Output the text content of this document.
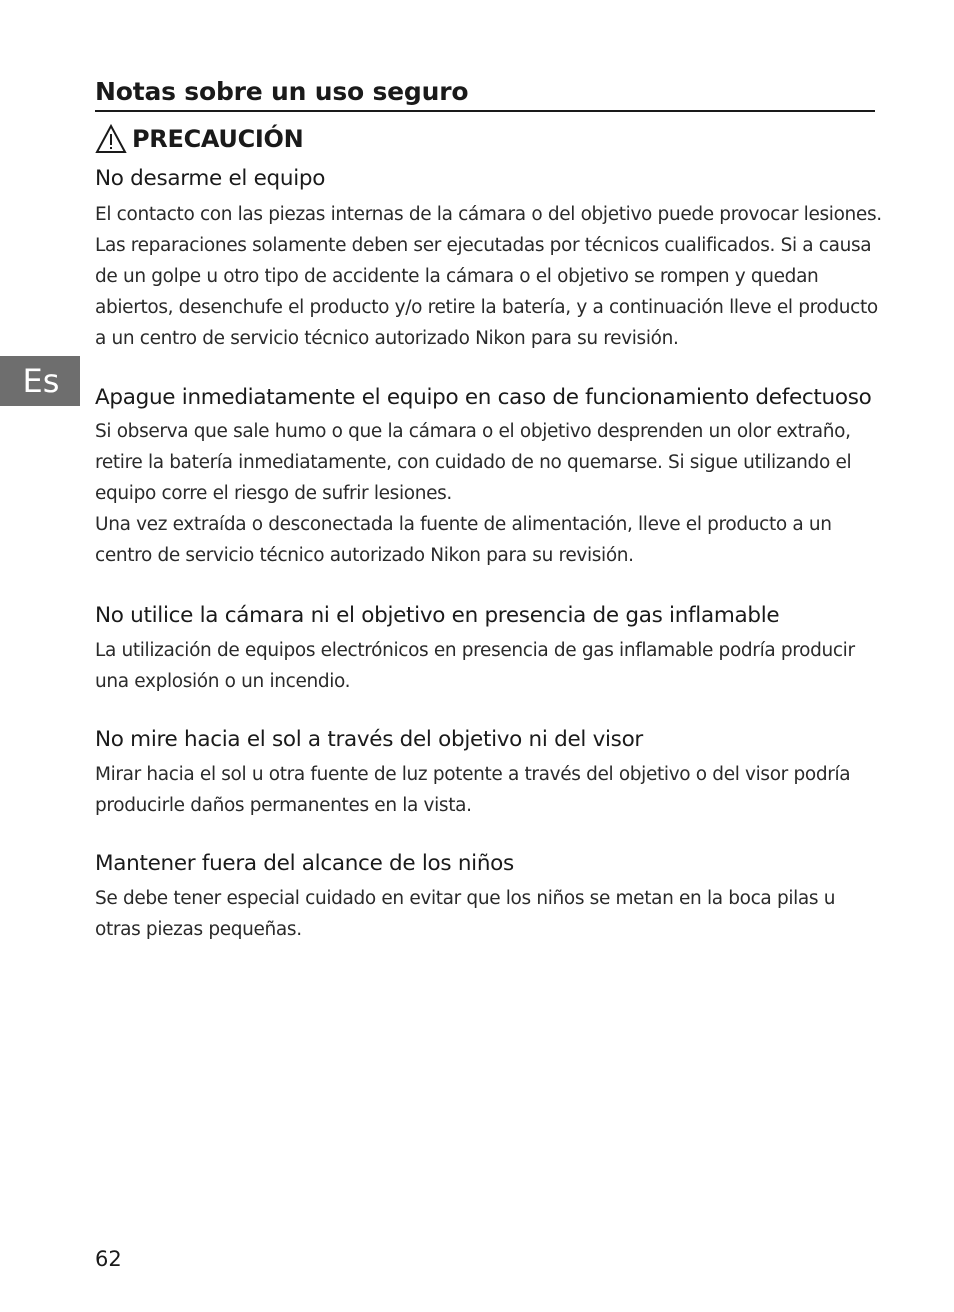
Notas sobre un uso seguro
PRECAUCIÓN
Es
No desarme el equipo

El contacto con las piezas internas de la cámara o del objetivo puede provocar lesiones. Las reparaciones solamente deben ser ejecutadas por técnicos cualificados. Si a causa de un golpe u otro tipo de accidente la cámara o el objetivo se rompen y quedan abiertos, desenchufe el producto y/o retire la batería, y a continuación lleve el producto a un centro de servicio técnico autorizado Nikon para su revisión.

Apague inmediatamente el equipo en caso de funcionamiento defectuoso

Si observa que sale humo o que la cámara o el objetivo desprenden un olor extraño, retire la batería inmediatamente, con cuidado de no quemarse. Si sigue utilizando el equipo corre el riesgo de sufrir lesiones.

Una vez extraída o desconectada la fuente de alimentación, lleve el producto a un centro de servicio técnico autorizado Nikon para su revisión.

No utilice la cámara ni el objetivo en presencia de gas inflamable

La utilización de equipos electrónicos en presencia de gas inflamable podría producir una explosión o un incendio.

No mire hacia el sol a través del objetivo ni del visor

Mirar hacia el sol u otra fuente de luz potente a través del objetivo o del visor podría producirle daños permanentes en la vista.

Mantener fuera del alcance de los niños

Se debe tener especial cuidado en evitar que los niños se metan en la boca pilas u otras piezas pequeñas.

62
